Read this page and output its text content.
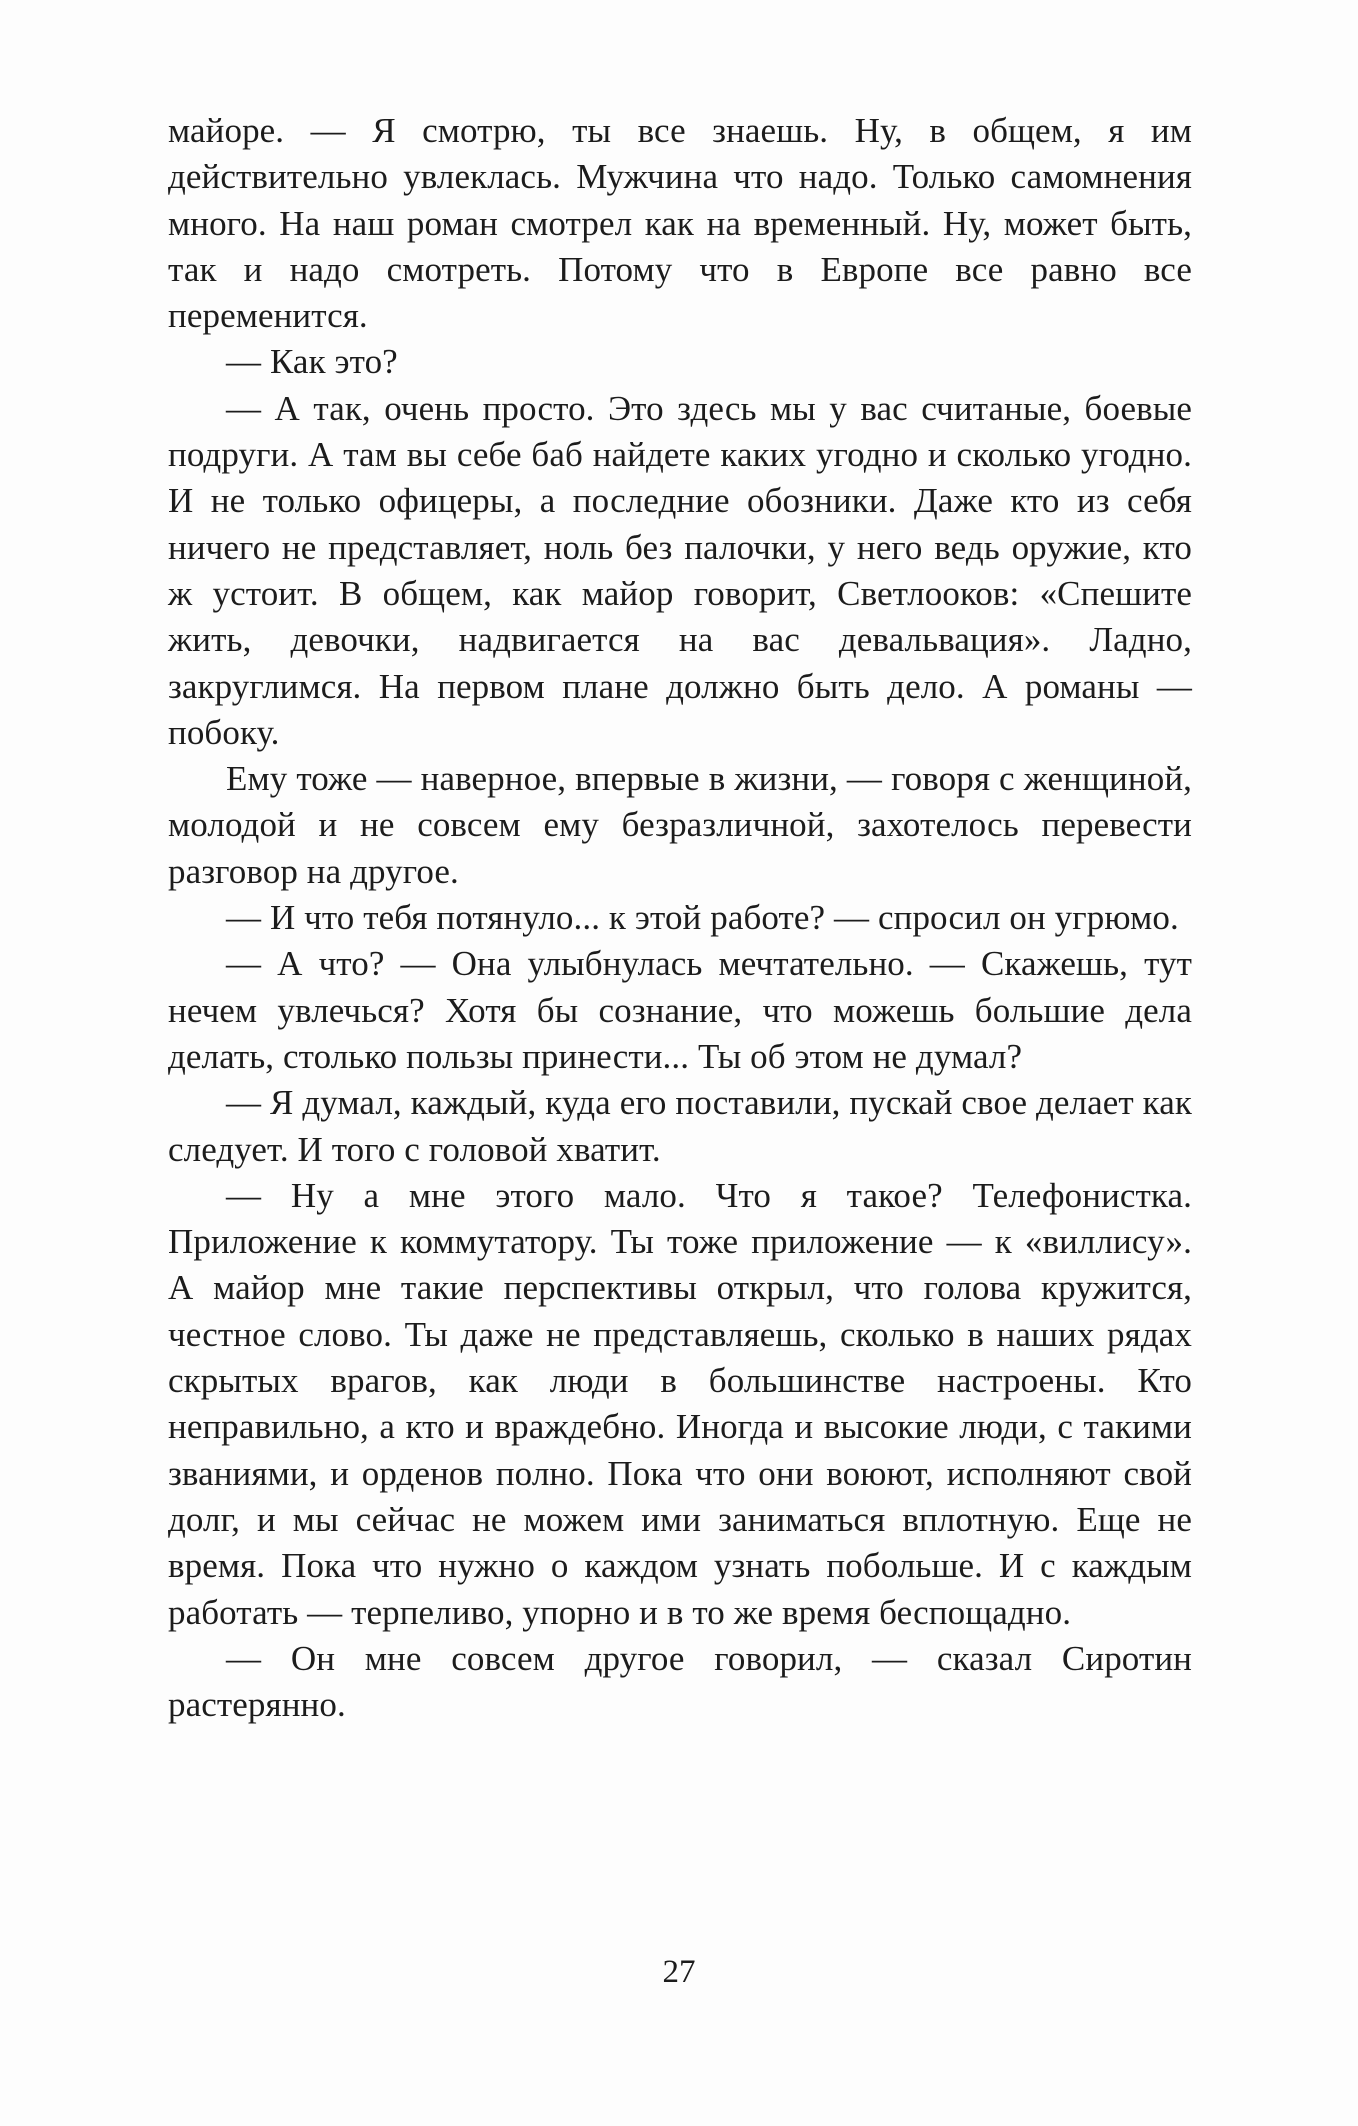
майоре. — Я смотрю, ты все знаешь. Ну, в общем, я им действительно увлеклась. Мужчина что надо. Только самомнения много. На наш роман смотрел как на временный. Ну, может быть, так и надо смотреть. Потому что в Европе все равно все переменится.

— Как это?

— А так, очень просто. Это здесь мы у вас считаные, боевые подруги. А там вы себе баб найдете каких угодно и сколько угодно. И не только офицеры, а последние обозники. Даже кто из себя ничего не представляет, ноль без палочки, у него ведь оружие, кто ж устоит. В общем, как майор говорит, Светлооков: «Спешите жить, девочки, надвигается на вас девальвация». Ладно, закруглимся. На первом плане должно быть дело. А романы — побоку.

Ему тоже — наверное, впервые в жизни, — говоря с женщиной, молодой и не совсем ему безразличной, захотелось перевести разговор на другое.

— И что тебя потянуло... к этой работе? — спросил он угрюмо.

— А что? — Она улыбнулась мечтательно. — Скажешь, тут нечем увлечься? Хотя бы сознание, что можешь большие дела делать, столько пользы принести... Ты об этом не думал?

— Я думал, каждый, куда его поставили, пускай свое делает как следует. И того с головой хватит.

— Ну а мне этого мало. Что я такое? Телефонистка. Приложение к коммутатору. Ты тоже приложение — к «виллису». А майор мне такие перспективы открыл, что голова кружится, честное слово. Ты даже не представляешь, сколько в наших рядах скрытых врагов, как люди в большинстве настроены. Кто неправильно, а кто и враждебно. Иногда и высокие люди, с такими званиями, и орденов полно. Пока что они воюют, исполняют свой долг, и мы сейчас не можем ими заниматься вплотную. Еще не время. Пока что нужно о каждом узнать побольше. И с каждым работать — терпеливо, упорно и в то же время беспощадно.

— Он мне совсем другое говорил, — сказал Сиротин растерянно.

27
